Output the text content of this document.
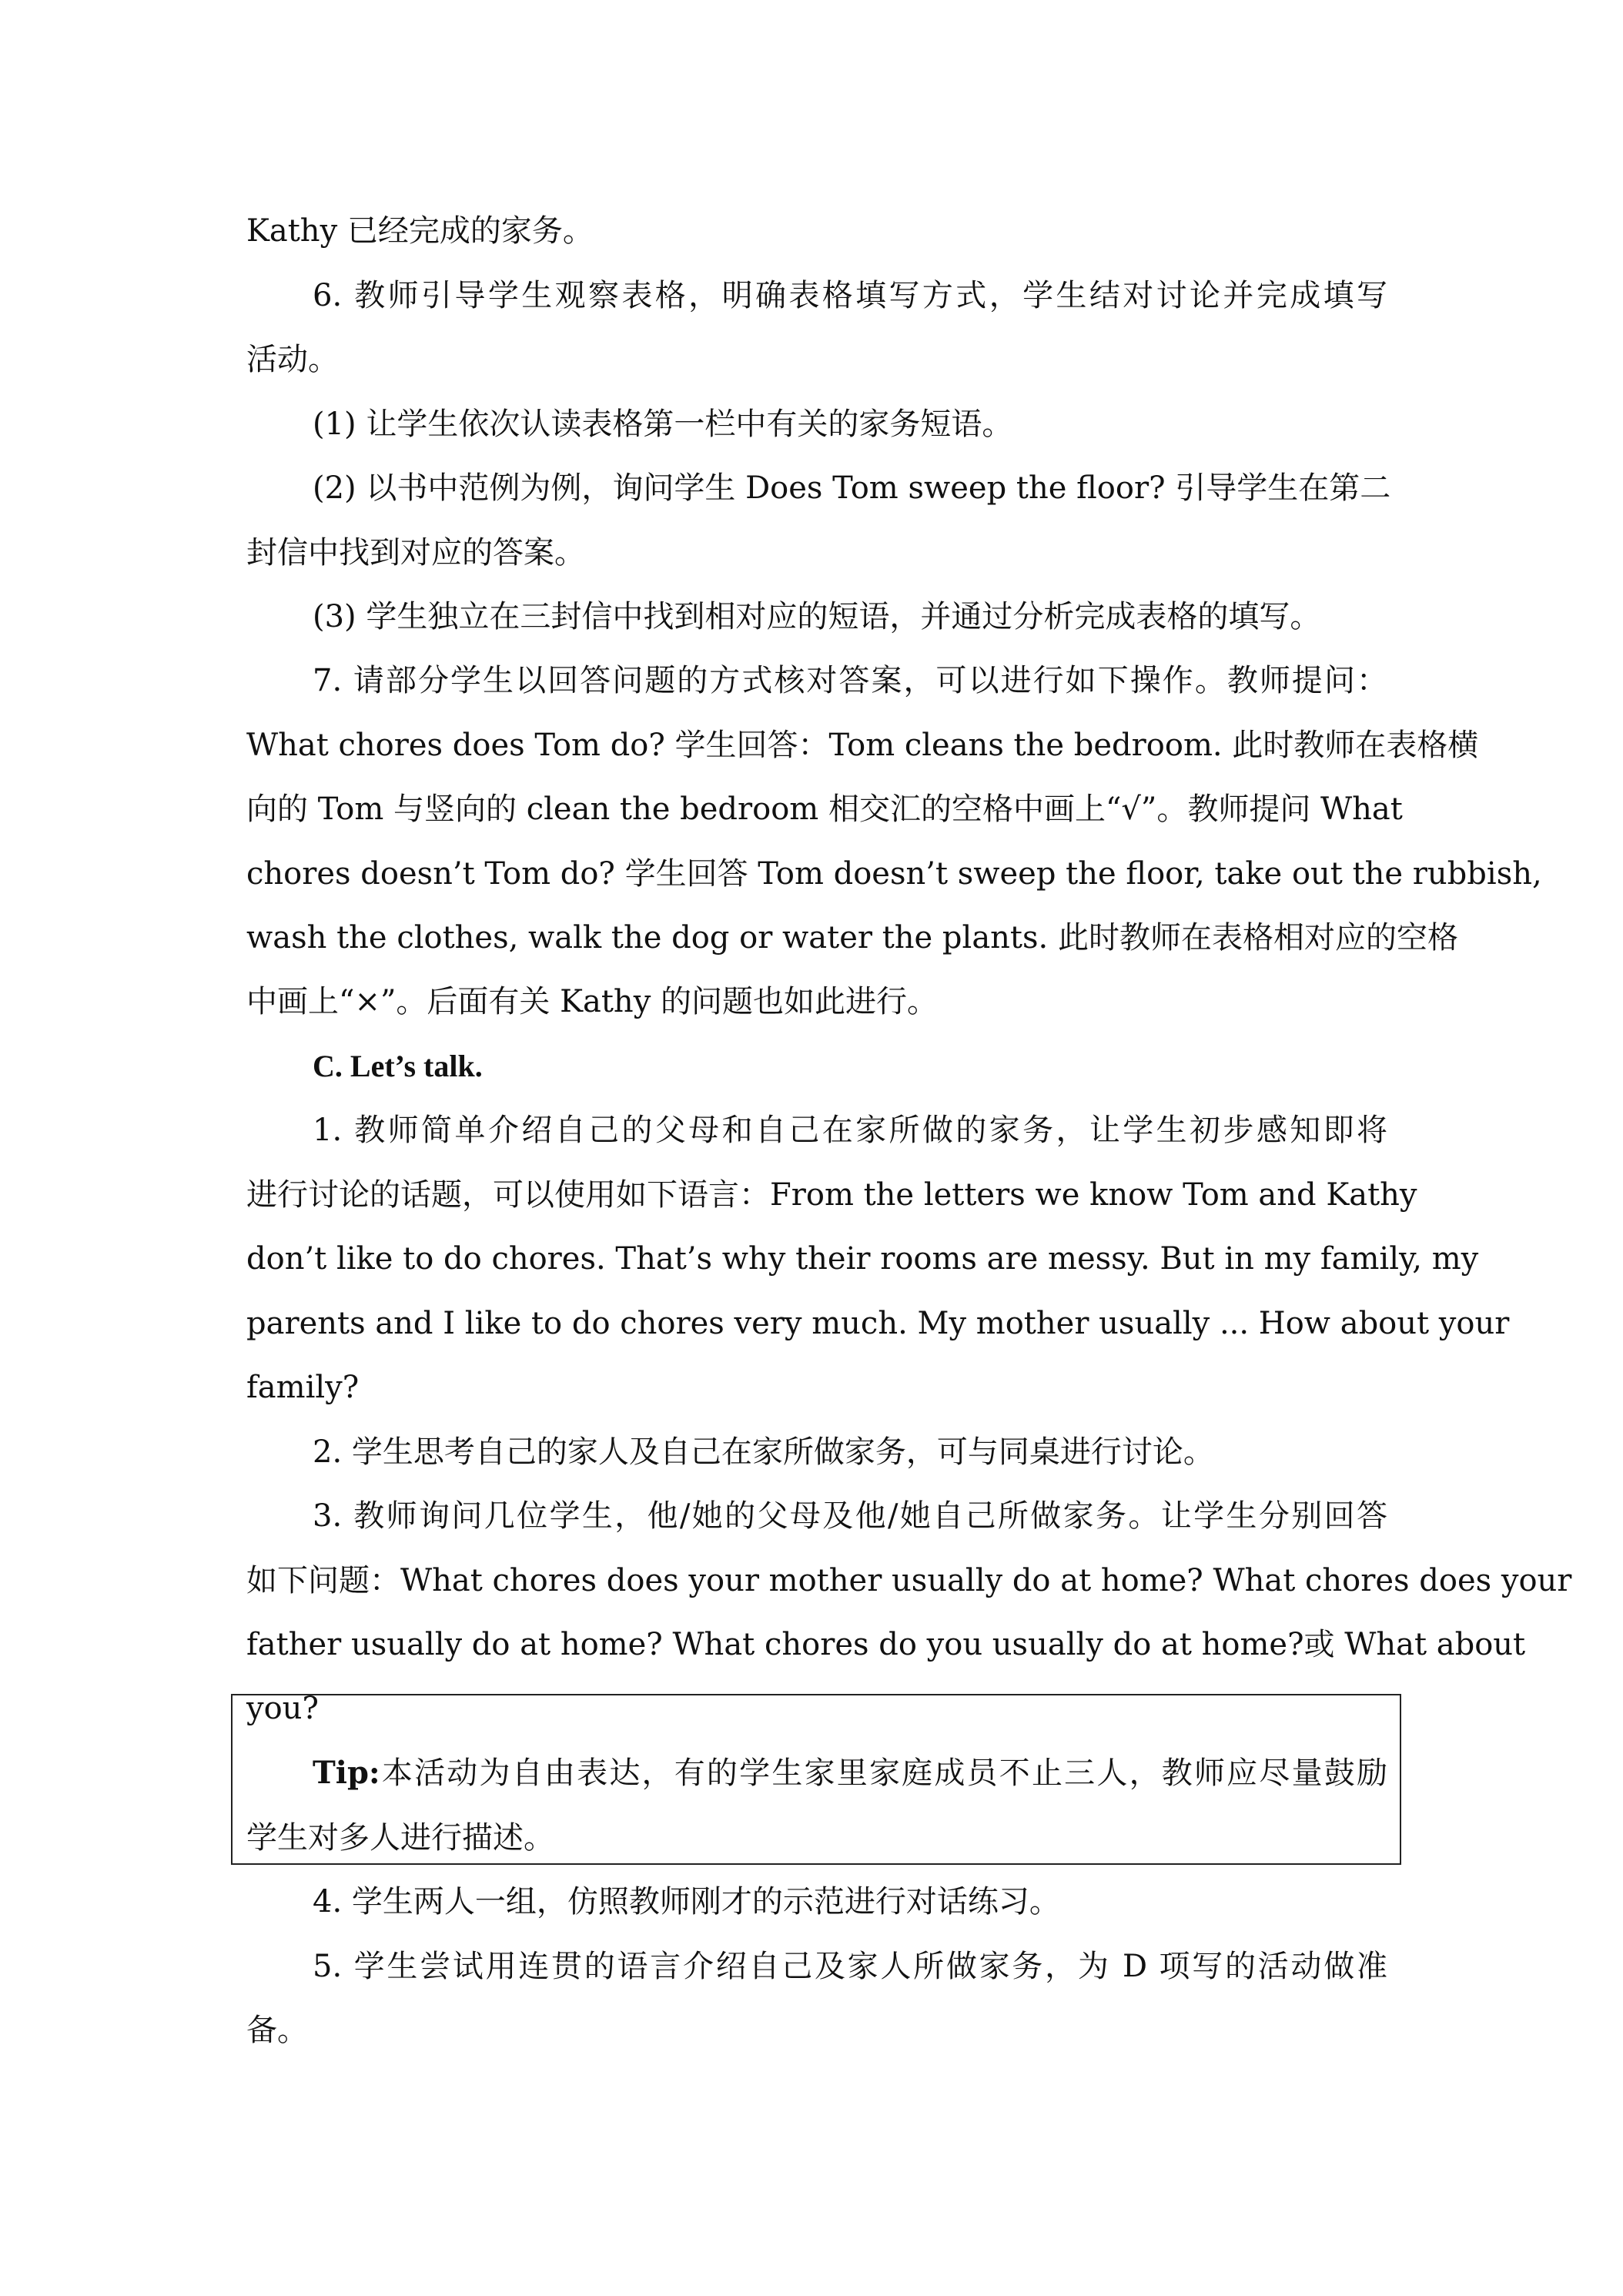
Kathy 已经完成的家务。
6. 教师引导学生观察表格，明确表格填写方式，学生结对讨论并完成填写
活动。
(1) 让学生依次认读表格第一栏中有关的家务短语。
(2) 以书中范例为例，询问学生 Does Tom sweep the floor? 引导学生在第二
封信中找到对应的答案。
(3) 学生独立在三封信中找到相对应的短语，并通过分析完成表格的填写。
7. 请部分学生以回答问题的方式核对答案，可以进行如下操作。教师提问：
What chores does Tom do? 学生回答：Tom cleans the bedroom. 此时教师在表格横
向的 Tom 与竖向的 clean the bedroom 相交汇的空格中画上“√”。教师提问 What
chores doesn’t Tom do? 学生回答 Tom doesn’t sweep the floor, take out the rubbish,
wash the clothes, walk the dog or water the plants. 此时教师在表格相对应的空格
中画上“×”。后面有关 Kathy 的问题也如此进行。
C. Let’s talk.
1. 教师简单介绍自己的父母和自己在家所做的家务，让学生初步感知即将
进行讨论的话题，可以使用如下语言：From the letters we know Tom and Kathy
don’t like to do chores. That’s why their rooms are messy. But in my family, my
parents and I like to do chores very much. My mother usually ... How about your
family?
2. 学生思考自己的家人及自己在家所做家务，可与同桌进行讨论。
3. 教师询问几位学生，他/她的父母及他/她自己所做家务。让学生分别回答
如下问题：What chores does your mother usually do at home? What chores does your
father usually do at home? What chores do you usually do at home?或 What about
you?
Tip:本活动为自由表达，有的学生家里家庭成员不止三人，教师应尽量鼓励
学生对多人进行描述。
4. 学生两人一组，仿照教师刚才的示范进行对话练习。
5. 学生尝试用连贯的语言介绍自己及家人所做家务，为 D 项写的活动做准
备。
